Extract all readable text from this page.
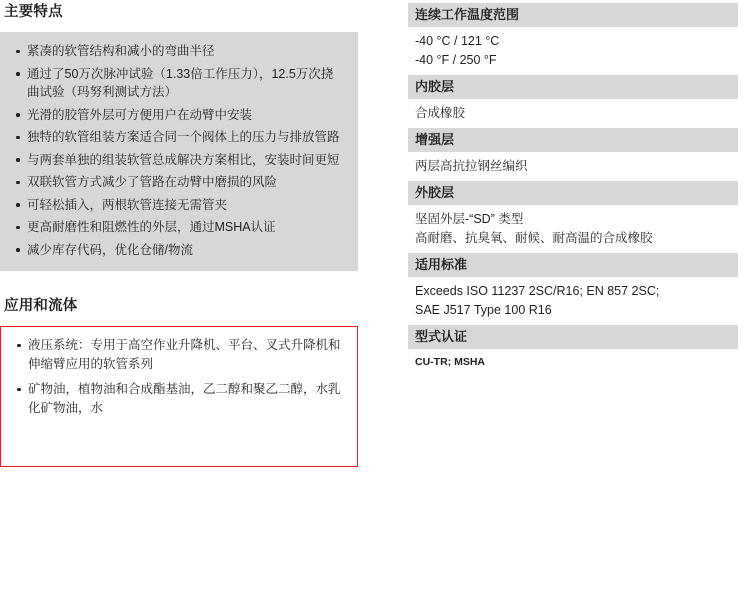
主要特点
紧凑的软管结构和减小的弯曲半径
通过了50万次脉冲试验（1.33倍工作压力），12.5万次挠曲试验（玛努利测试方法）
光滑的胶管外层可方便用户在动臂中安装
独特的软管组装方案适合同一个阀体上的压力与排放管路
与两套单独的组装软管总成解决方案相比，安装时间更短
双联软管方式减少了管路在动臂中磨损的风险
可轻松插入，两根软管连接无需管夹
更高耐磨性和阻燃性的外层，通过MSHA认证
减少库存代码，优化仓储/物流
应用和流体
液压系统：专用于高空作业升降机、平台、叉式升降机和伸缩臂应用的软管系列
矿物油，植物油和合成酯基油，乙二醇和聚乙二醇，水乳化矿物油，水
连续工作温度范围
-40 °C / 121 °C
-40 °F / 250 °F
内胶层
合成橡胶
增强层
两层高抗拉钢丝编织
外胶层
坚固外层-“SD” 类型
高耐磨、抗臭氧、耐候、耐高温的合成橡胶
适用标准
Exceeds ISO 11237 2SC/R16; EN 857 2SC;
SAE J517 Type 100 R16
型式认证
CU-TR; MSHA
